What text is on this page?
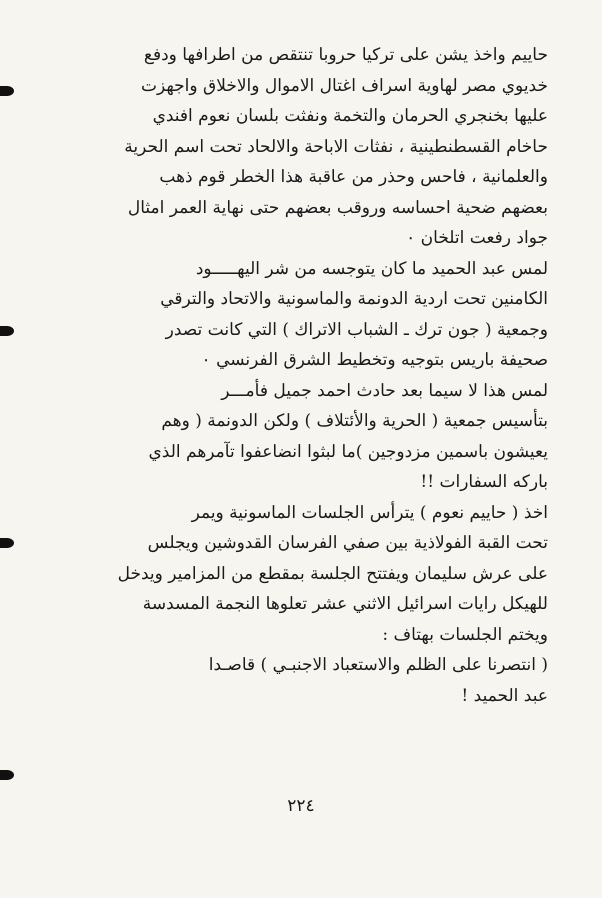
حاييم واخذ يشن على تركيا حروبا تنتقص من اطرافها ودفع
خديوي مصر لهاوية اسراف اغتال الاموال والاخلاق واجهزت
عليها بخنجري الحرمان والتخمة ونفثت بلسان نعوم افندي
حاخام القسطنطينية ، نفثات الاباحة والالحاد تحت اسم الحرية
والعلمانية ، فاحس وحذر من عاقبة هذا الخطر قوم ذهب
بعضهم ضحية احساسه وروقب بعضهم حتى نهاية العمر امثال
جواد رفعت اتلخان ٠
لمس عبد الحميد ما كان يتوجسه من شر اليهـــــود
الكامنين تحت اردية الدونمة والماسونية والاتحاد والترقي
وجمعية ( جون ترك ـ الشباب الاتراك ) التي كانت تصدر
صحيفة باريس بتوجيه وتخطيط الشرق الفرنسي ٠
لمس هذا لا سيما بعد حادث احمد جميل فأمـــر
بتأسيس جمعية ( الحرية والأئتلاف ) ولكن الدونمة ( وهم
يعيشون باسمين مزدوجين )ما لبثوا انضاعفوا تآمرهم الذي
باركه السفارات !!
اخذ ( حاييم نعوم ) يترأس الجلسات الماسونية ويمر
تحت القبة الفولاذية بين صفي الفرسان القدوشين ويجلس
على عرش سليمان ويفتتح الجلسة بمقطع من المزامير ويدخل
للهيكل رايات اسرائيل الاثني عشر تعلوها النجمة المسدسة
ويختم الجلسات بهتاف :
( انتصرنا على الظلم والاستعباد الاجنبـي ) قاصـدا
عبد الحميد !
٢٢٤
